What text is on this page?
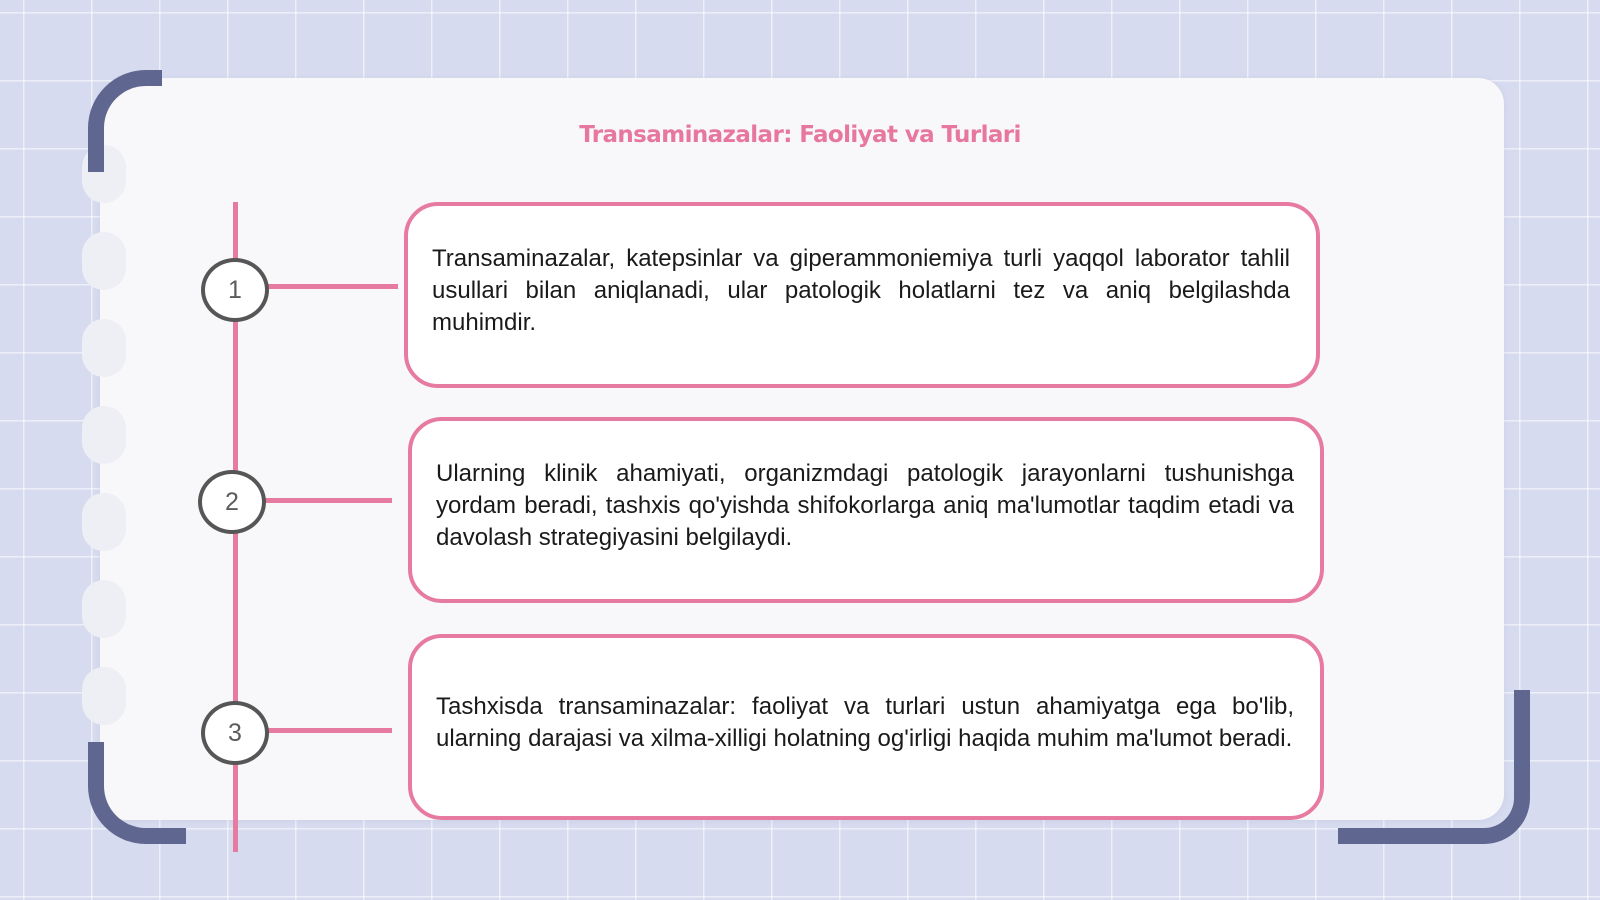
Transaminazalar: Faoliyat va Turlari
1
2
3

Transaminazalar, katepsinlar va giperammoniemiya turli yaqqol laborator tahlil usullari bilan aniqlanadi, ular patologik holatlarni tez va aniq belgilashda muhimdir.

Ularning klinik ahamiyati, organizmdagi patologik jarayonlarni tushunishga yordam beradi, tashxis qo'yishda shifokorlarga aniq ma'lumotlar taqdim etadi va davolash strategiyasini belgilaydi.

Tashxisda transaminazalar: faoliyat va turlari ustun ahamiyatga ega bo'lib, ularning darajasi va xilma-xilligi holatning og'irligi haqida muhim ma'lumot beradi.
